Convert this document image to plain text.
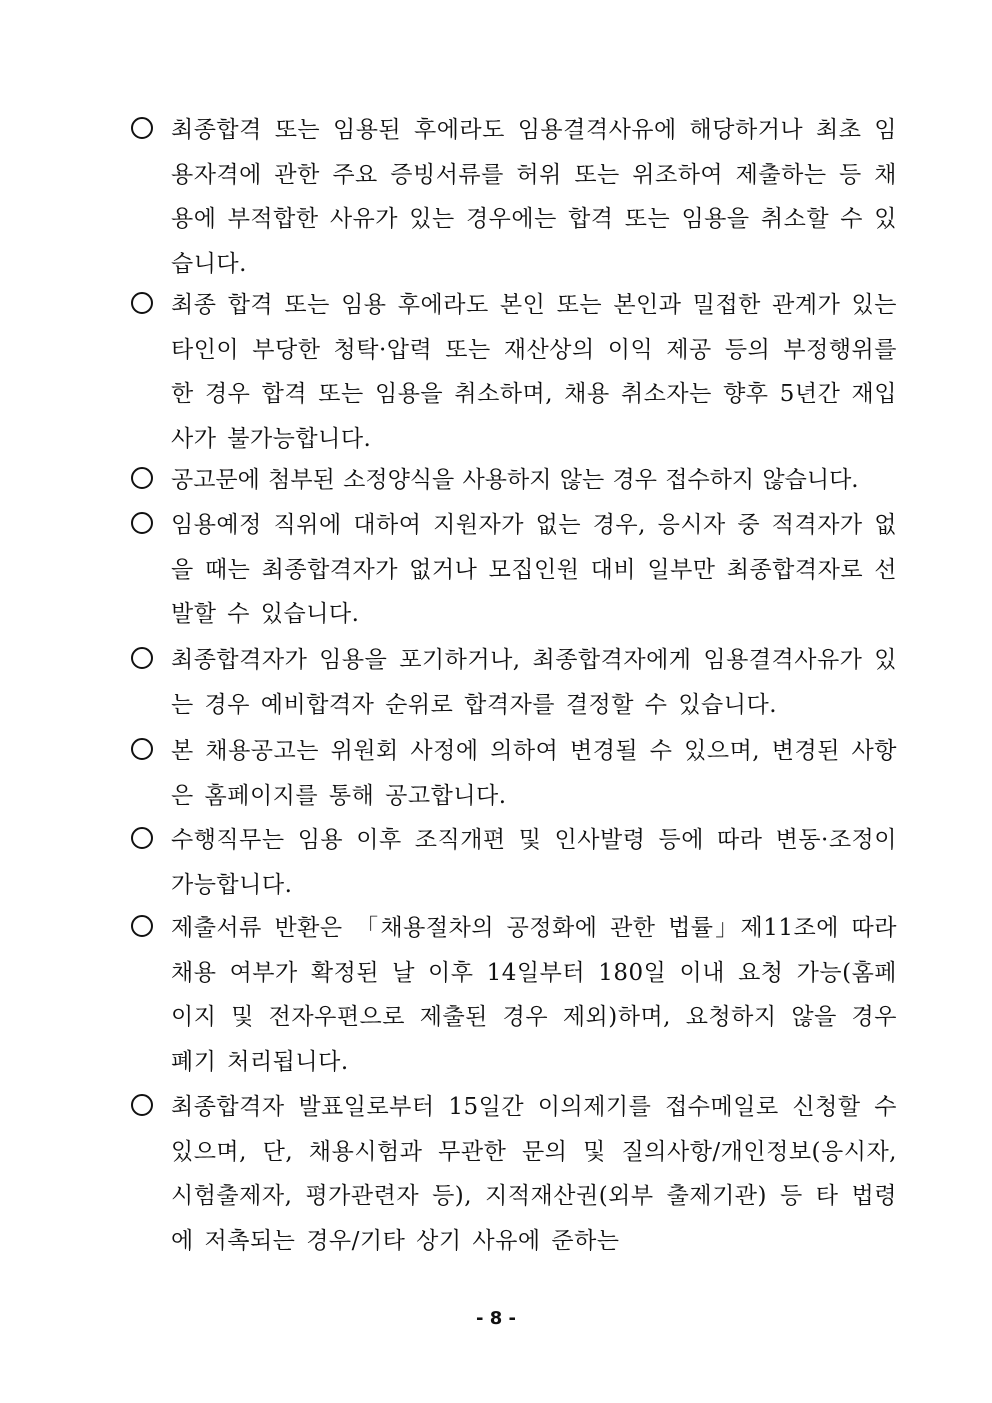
최종합격 또는 임용된 후에라도 임용결격사유에 해당하거나 최초 임용자격에 관한 주요 증빙서류를 허위 또는 위조하여 제출하는 등 채용에 부적합한 사유가 있는 경우에는 합격 또는 임용을 취소할 수 있습니다.
최종 합격 또는 임용 후에라도 본인 또는 본인과 밀접한 관계가 있는 타인이 부당한 청탁·압력 또는 재산상의 이익 제공 등의 부정행위를 한 경우 합격 또는 임용을 취소하며, 채용 취소자는 향후 5년간 재입사가 불가능합니다.
공고문에 첨부된 소정양식을 사용하지 않는 경우 접수하지 않습니다.
임용예정 직위에 대하여 지원자가 없는 경우, 응시자 중 적격자가 없을 때는 최종합격자가 없거나 모집인원 대비 일부만 최종합격자로 선발할 수 있습니다.
최종합격자가 임용을 포기하거나, 최종합격자에게 임용결격사유가 있는 경우 예비합격자 순위로 합격자를 결정할 수 있습니다.
본 채용공고는 위원회 사정에 의하여 변경될 수 있으며, 변경된 사항은 홈페이지를 통해 공고합니다.
수행직무는 임용 이후 조직개편 및 인사발령 등에 따라 변동·조정이 가능합니다.
제출서류 반환은 「채용절차의 공정화에 관한 법률」제11조에 따라 채용 여부가 확정된 날 이후 14일부터 180일 이내 요청 가능(홈페이지 및 전자우편으로 제출된 경우 제외)하며, 요청하지 않을 경우 폐기 처리됩니다.
최종합격자 발표일로부터 15일간 이의제기를 접수메일로 신청할 수 있으며, 단, 채용시험과 무관한 문의 및 질의사항/개인정보(응시자, 시험출제자, 평가관련자 등), 지적재산권(외부 출제기관) 등 타 법령에 저촉되는 경우/기타 상기 사유에 준하는
- 8 -
